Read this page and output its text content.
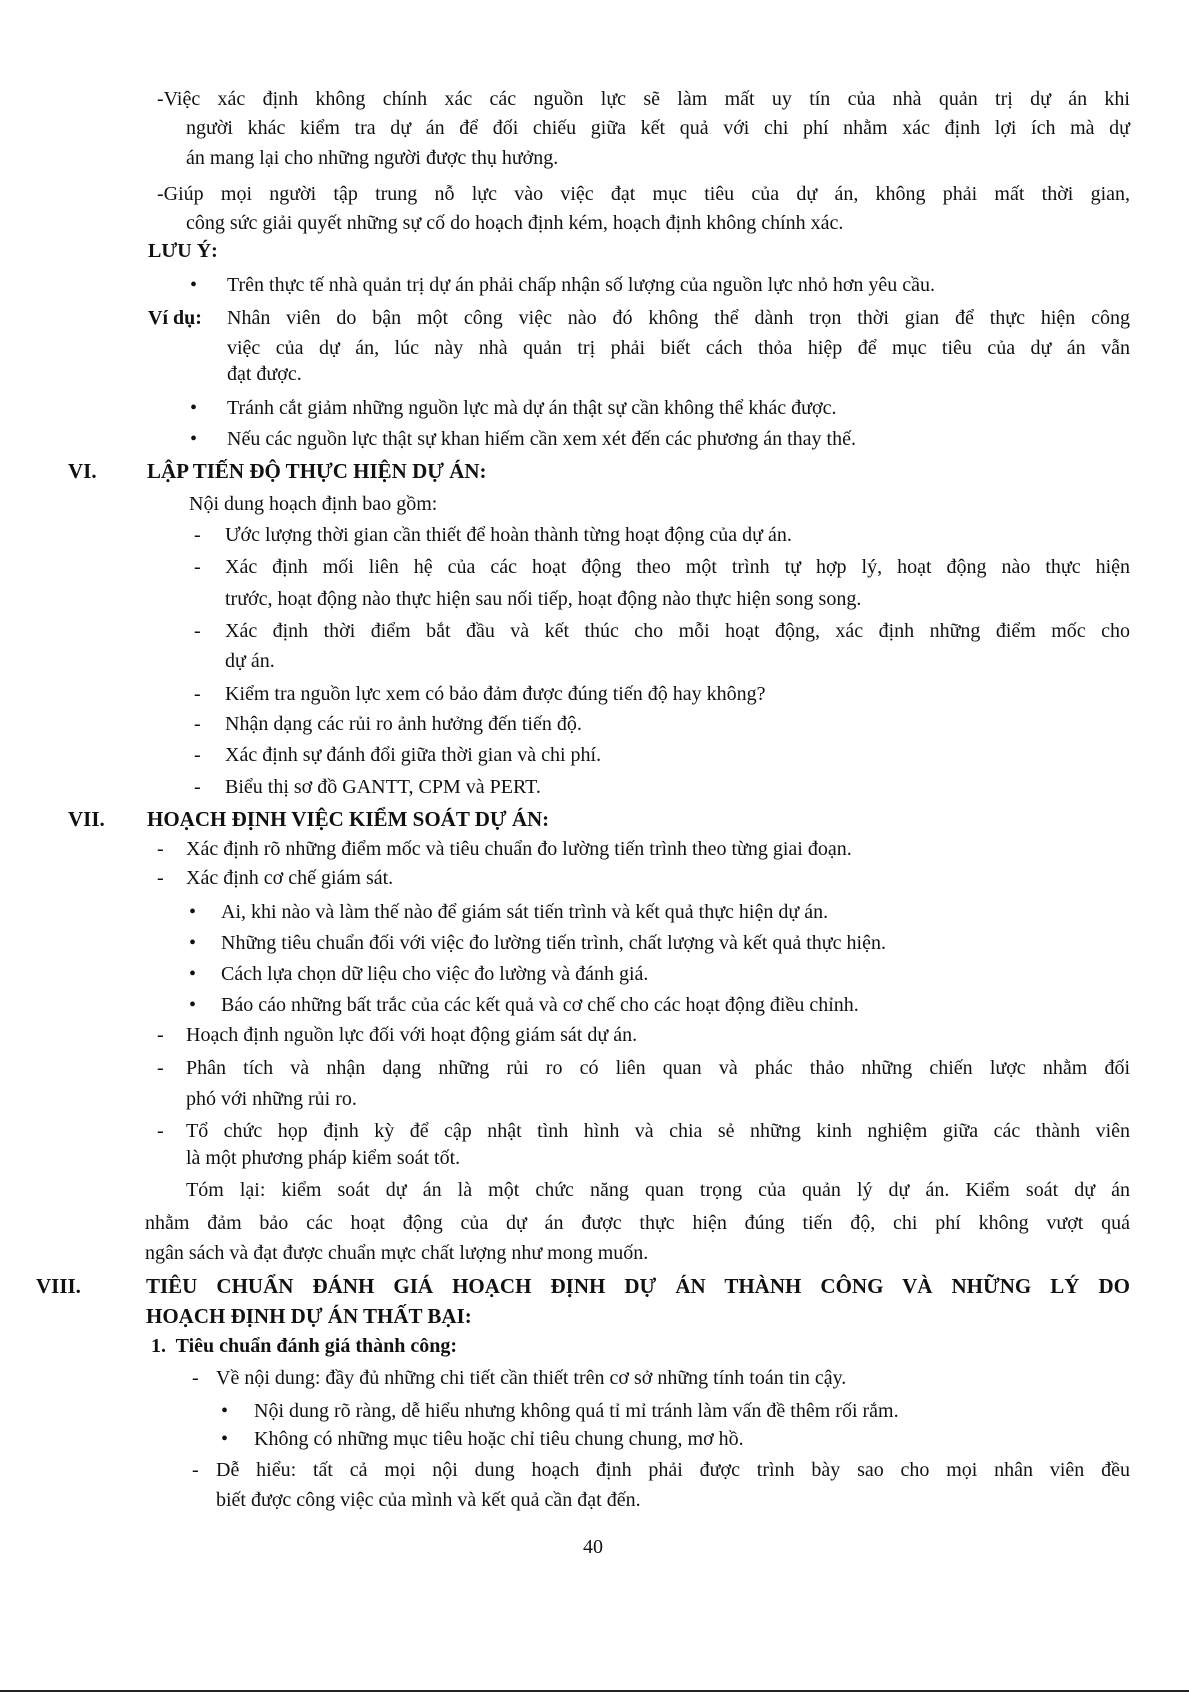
-Việc xác định không chính xác các nguồn lực sẽ làm mất uy tín của nhà quản trị dự án khi
người khác kiểm tra dự án để đối chiếu giữa kết quả với chi phí nhằm xác định lợi ích mà dự
án mang lại cho những người được thụ hưởng.
-Giúp mọi người tập trung nỗ lực vào việc đạt mục tiêu của dự án, không phải mất thời gian,
công sức giải quyết những sự cố do hoạch định kém, hoạch định không chính xác.
LƯU Ý:
• Trên thực tế nhà quản trị dự án phải chấp nhận số lượng của nguồn lực nhỏ hơn yêu cầu.
Ví dụ: Nhân viên do bận một công việc nào đó không thể dành trọn thời gian để thực hiện công
việc của dự án, lúc này nhà quản trị phải biết cách thỏa hiệp để mục tiêu của dự án vẫn
đạt được.
• Tránh cắt giảm những nguồn lực mà dự án thật sự cần không thể khác được.
• Nếu các nguồn lực thật sự khan hiếm cần xem xét đến các phương án thay thế.
VI. LẬP TIẾN ĐỘ THỰC HIỆN DỰ ÁN:
Nội dung hoạch định bao gồm:
- Ước lượng thời gian cần thiết để hoàn thành từng hoạt động của dự án.
- Xác định mối liên hệ của các hoạt động theo một trình tự hợp lý, hoạt động nào thực hiện
trước, hoạt động nào thực hiện sau nối tiếp, hoạt động nào thực hiện song song.
- Xác định thời điểm bắt đầu và kết thúc cho mỗi hoạt động, xác định những điểm mốc cho
dự án.
- Kiểm tra nguồn lực xem có bảo đảm được đúng tiến độ hay không?
- Nhận dạng các rủi ro ảnh hưởng đến tiến độ.
- Xác định sự đánh đổi giữa thời gian và chi phí.
- Biểu thị sơ đồ GANTT, CPM và PERT.
VII. HOẠCH ĐỊNH VIỆC KIỂM SOÁT DỰ ÁN:
- Xác định rõ những điểm mốc và tiêu chuẩn đo lường tiến trình theo từng giai đoạn.
- Xác định cơ chế giám sát.
• Ai, khi nào và làm thế nào để giám sát tiến trình và kết quả thực hiện dự án.
• Những tiêu chuẩn đối với việc đo lường tiến trình, chất lượng và kết quả thực hiện.
• Cách lựa chọn dữ liệu cho việc đo lường và đánh giá.
• Báo cáo những bất trắc của các kết quả và cơ chế cho các hoạt động điều chỉnh.
- Hoạch định nguồn lực đối với hoạt động giám sát dự án.
- Phân tích và nhận dạng những rủi ro có liên quan và phác thảo những chiến lược nhằm đối
phó với những rủi ro.
- Tổ chức họp định kỳ để cập nhật tình hình và chia sẻ những kinh nghiệm giữa các thành viên
là một phương pháp kiểm soát tốt.
Tóm lại: kiểm soát dự án là một chức năng quan trọng của quản lý dự án. Kiểm soát dự án
nhằm đảm bảo các hoạt động của dự án được thực hiện đúng tiến độ, chi phí không vượt quá
ngân sách và đạt được chuẩn mực chất lượng như mong muốn.
VIII.	TIÊU CHUẨN ĐÁNH GIÁ HOẠCH ĐỊNH DỰ ÁN THÀNH CÔNG VÀ NHỮNG LÝ DO
HOẠCH ĐỊNH DỰ ÁN THẤT BẠI:
1.  Tiêu chuẩn đánh giá thành công:
- Về nội dung: đầy đủ những chi tiết cần thiết trên cơ sở những tính toán tin cậy.
• Nội dung rõ ràng, dễ hiểu nhưng không quá tỉ mỉ tránh làm vấn đề thêm rối rắm.
• Không có những mục tiêu hoặc chỉ tiêu chung chung, mơ hồ.
- Dễ hiểu: tất cả mọi nội dung hoạch định phải được trình bày sao cho mọi nhân viên đều
biết được công việc của mình và kết quả cần đạt đến.
40
